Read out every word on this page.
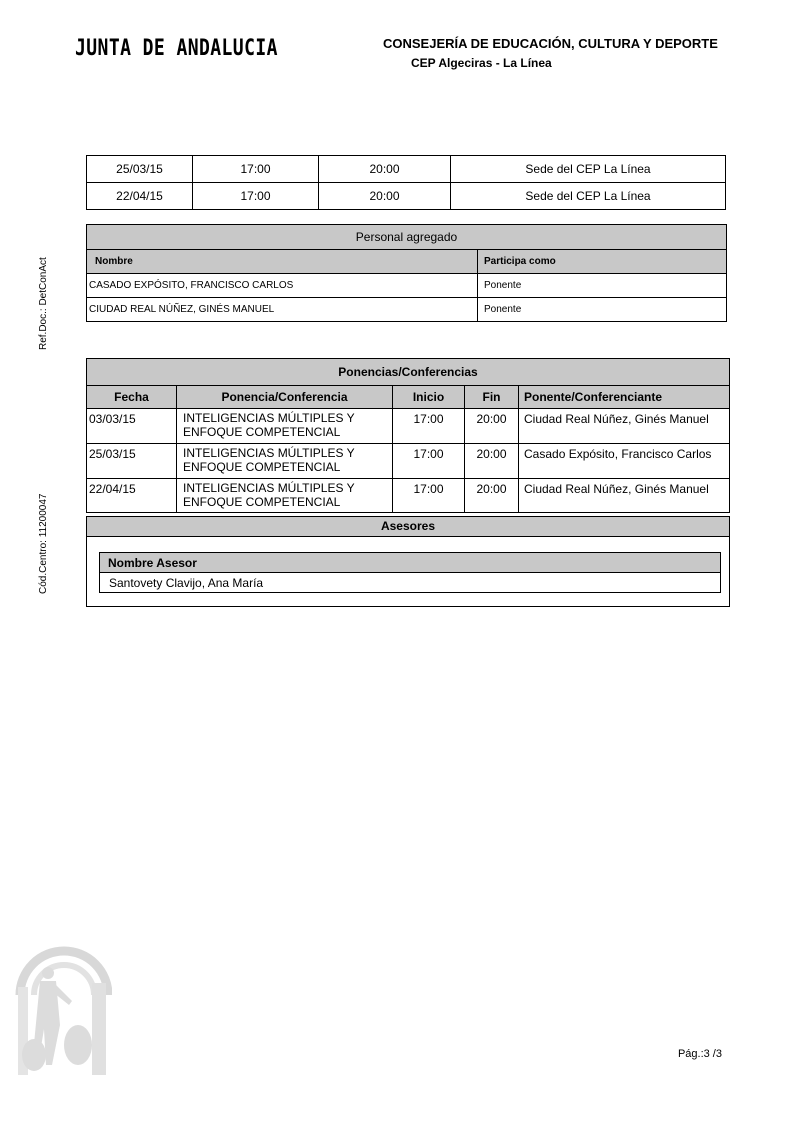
JUNTA DE ANDALUCIA	CONSEJERÍA DE EDUCACIÓN, CULTURA Y DEPORTE
CEP Algeciras - La Línea
Ref.Doc.: DetConAct
Cód.Centro: 11200047
25/03/15	17:00	20:00	Sede del CEP La Línea
22/04/15	17:00	20:00	Sede del CEP La Línea
Personal agregado	
Nombre	Participa como
CASADO EXPÓSITO, FRANCISCO CARLOS	Ponente
CIUDAD REAL NÚÑEZ, GINÉS MANUEL	Ponente
Ponencias/Conferencias				
Fecha	Ponencia/Conferencia	Inicio	Fin	Ponente/Conferenciante
03/03/15	INTELIGENCIAS MÚLTIPLES Y
ENFOQUE COMPETENCIAL	17:00	20:00	Ciudad Real Núñez, Ginés Manuel
25/03/15	INTELIGENCIAS MÚLTIPLES Y
ENFOQUE COMPETENCIAL	17:00	20:00	Casado Expósito, Francisco Carlos
22/04/15	INTELIGENCIAS MÚLTIPLES Y
ENFOQUE COMPETENCIAL	17:00	20:00	Ciudad Real Núñez, Ginés Manuel
Asesores
Nombre Asesor
Santovety Clavijo, Ana María
Pág.:3 /3
